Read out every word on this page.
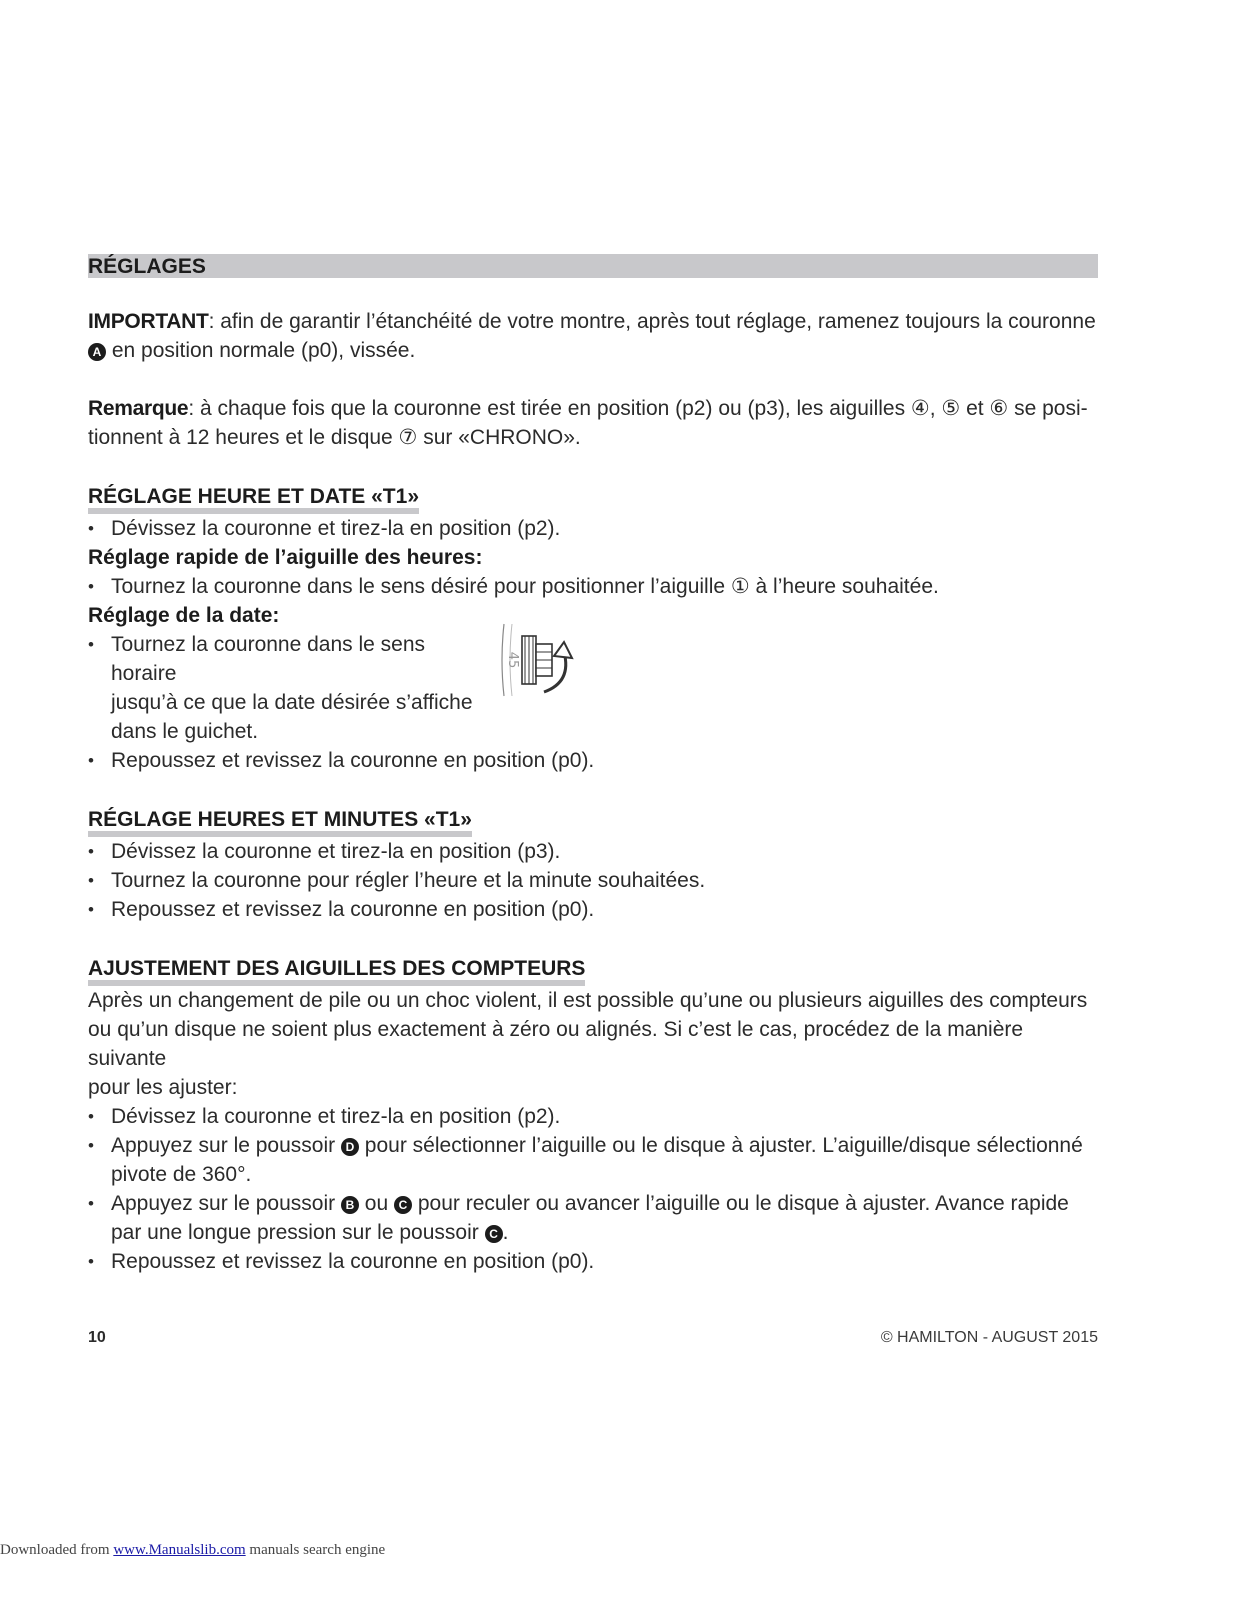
RÉGLAGES

IMPORTANT: afin de garantir l’étanchéité de votre montre, après tout réglage, ramenez toujours la couronne
A en position normale (p0), vissée.

Remarque: à chaque fois que la couronne est tirée en position (p2) ou (p3), les aiguilles ④, ⑤ et ⑥ se posi-
tionnent à 12 heures et le disque ⑦ sur «CHRONO».

RÉGLAGE HEURE ET DATE «T1»
• Dévissez la couronne et tirez-la en position (p2).
Réglage rapide de l’aiguille des heures:
• Tournez la couronne dans le sens désiré pour positionner l’aiguille ① à l’heure souhaitée.
Réglage de la date:
• Tournez la couronne dans le sens horaire
jusqu’à ce que la date désirée s’affiche
dans le guichet.
45
• Repoussez et revissez la couronne en position (p0).
RÉGLAGE HEURES ET MINUTES «T1»
• Dévissez la couronne et tirez-la en position (p3).
• Tournez la couronne pour régler l’heure et la minute souhaitées.
• Repoussez et revissez la couronne en position (p0).
AJUSTEMENT DES AIGUILLES DES COMPTEURS

Après un changement de pile ou un choc violent, il est possible qu’une ou plusieurs aiguilles des compteurs
ou qu’un disque ne soient plus exactement à zéro ou alignés. Si c’est le cas, procédez de la manière suivante
pour les ajuster:

• Dévissez la couronne et tirez-la en position (p2).
• Appuyez sur le poussoir D pour sélectionner l’aiguille ou le disque à ajuster. L’aiguille/disque sélectionné
pivote de 360°.
• Appuyez sur le poussoir B ou C pour reculer ou avancer l’aiguille ou le disque à ajuster. Avance rapide
par une longue pression sur le poussoir C .
• Repoussez et revissez la couronne en position (p0).
10	© HAMILTON - AUGUST 2015
Downloaded from www.Manualslib.com manuals search engine
